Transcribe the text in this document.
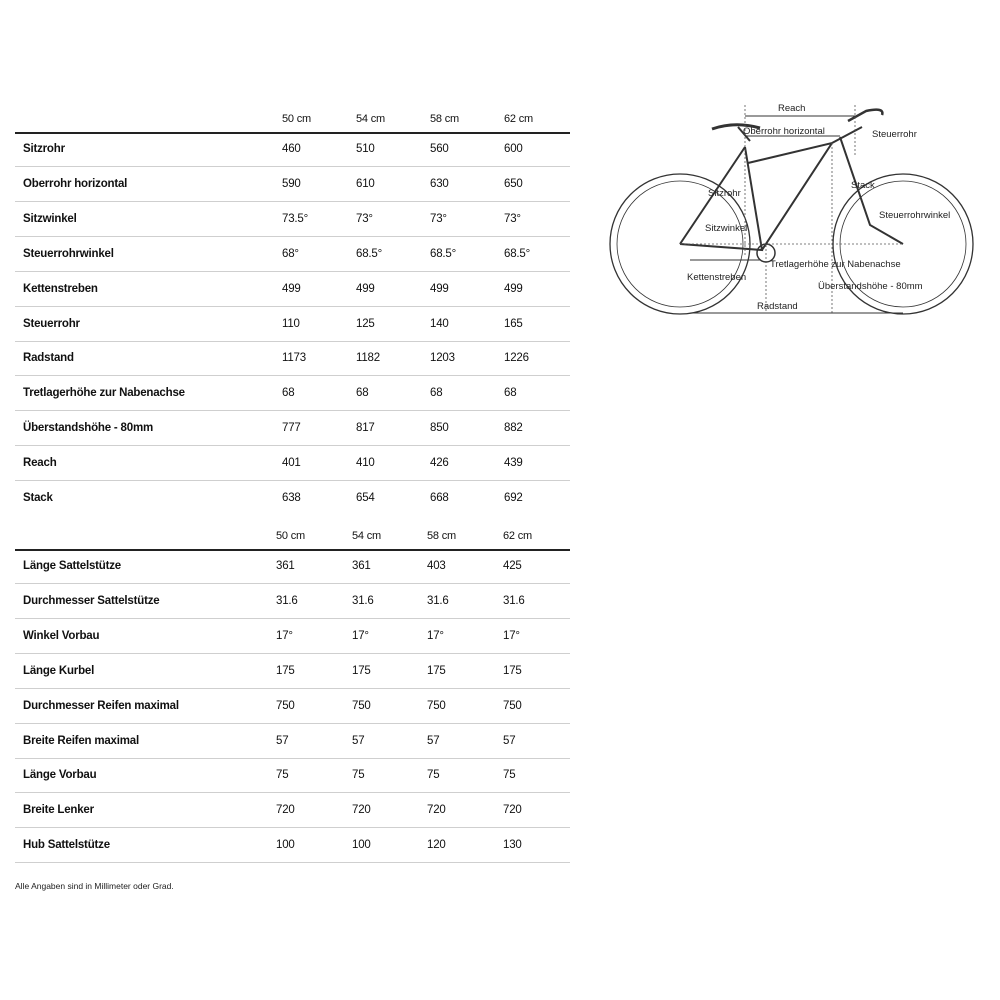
50 cm	54 cm	58 cm	62 cm
Sitzrohr	460	510	560	600
Oberrohr horizontal	590	610	630	650
Sitzwinkel	73.5°	73°	73°	73°
Steuerrohrwinkel	68°	68.5°	68.5°	68.5°
Kettenstreben	499	499	499	499
Steuerrohr	110	125	140	165
Radstand	1173	1182	1203	1226
Tretlagerhöhe zur Nabenachse	68	68	68	68
Überstandshöhe - 80mm	777	817	850	882
Reach	401	410	426	439
Stack	638	654	668	692
50 cm	54 cm	58 cm	62 cm
Länge Sattelstütze	361	361	403	425
Durchmesser Sattelstütze	31.6	31.6	31.6	31.6
Winkel Vorbau	17°	17°	17°	17°
Länge Kurbel	175	175	175	175
Durchmesser Reifen maximal	750	750	750	750
Breite Reifen maximal	57	57	57	57
Länge Vorbau	75	75	75	75
Breite Lenker	720	720	720	720
Hub Sattelstütze	100	100	120	130
Alle Angaben sind in Millimeter oder Grad.
Reach
Oberrohr horizontal	Steuerrohr
Sitzrohr
Stack
Sitzwinkel
Steuerrohrwinkel
Tretlagerhöhe zur Nabenachse
Kettenstreben
Überstandshöhe - 80mm
Radstand
